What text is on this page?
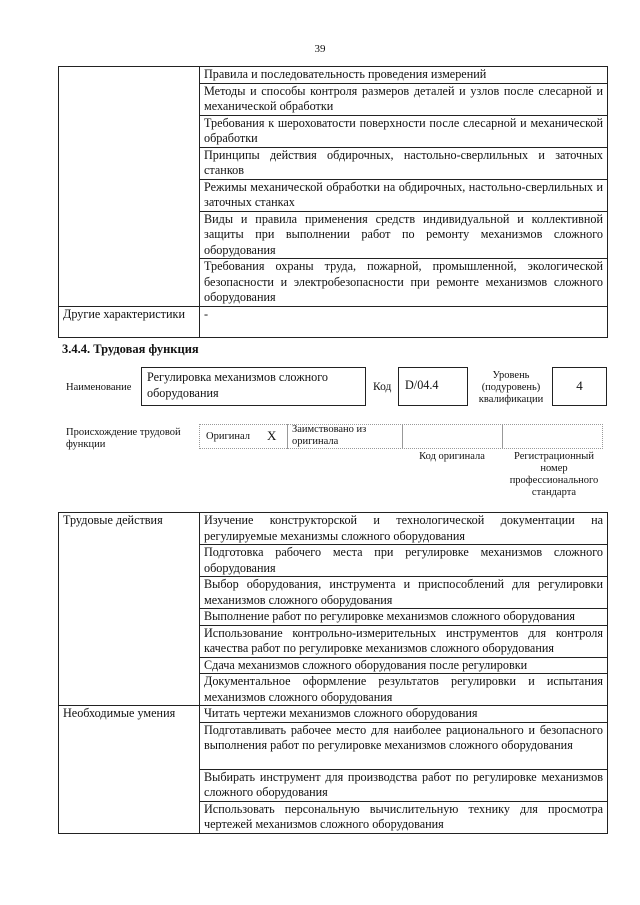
39
	Правила и последовательность проведения измерений
	Методы и способы контроля размеров деталей и узлов после слесарной и механической обработки
	Требования к шероховатости поверхности после слесарной и механической обработки
	Принципы действия обдирочных, настольно-сверлильных и заточных станков
	Режимы механической обработки на обдирочных, настольно-сверлильных и заточных станках
	Виды и правила применения средств индивидуальной и коллективной защиты при выполнении работ по ремонту механизмов сложного оборудования
	Требования охраны труда, пожарной, промышленной, экологической безопасности и электробезопасности при ремонте механизмов сложного оборудования
Другие характеристики	-
3.4.4. Трудовая функция
Наименование
Регулировка механизмов сложного оборудования	Код	D/04.4
Уровень (подуровень) квалификации
4
Происхождение трудовой функции
Оригинал X Заимствовано из оригинала
Код оригинала	Регистрационный номер профессионального стандарта
Трудовые действия	Изучение конструкторской и технологической документации на регулируемые механизмы сложного оборудования
	Подготовка рабочего места при регулировке механизмов сложного оборудования
	Выбор оборудования, инструмента и приспособлений для регулировки механизмов сложного оборудования
	Выполнение работ по регулировке механизмов сложного оборудования
	Использование контрольно-измерительных инструментов для контроля качества работ по регулировке механизмов сложного оборудования
	Сдача механизмов сложного оборудования после регулировки
	Документальное оформление результатов регулировки и испытания механизмов сложного оборудования
Необходимые умения	Читать чертежи механизмов сложного оборудования
	Подготавливать рабочее место для наиболее рационального и безопасного выполнения работ по регулировке механизмов сложного оборудования
	Выбирать инструмент для производства работ по регулировке механизмов сложного оборудования
	Использовать персональную вычислительную технику для просмотра чертежей механизмов сложного оборудования
